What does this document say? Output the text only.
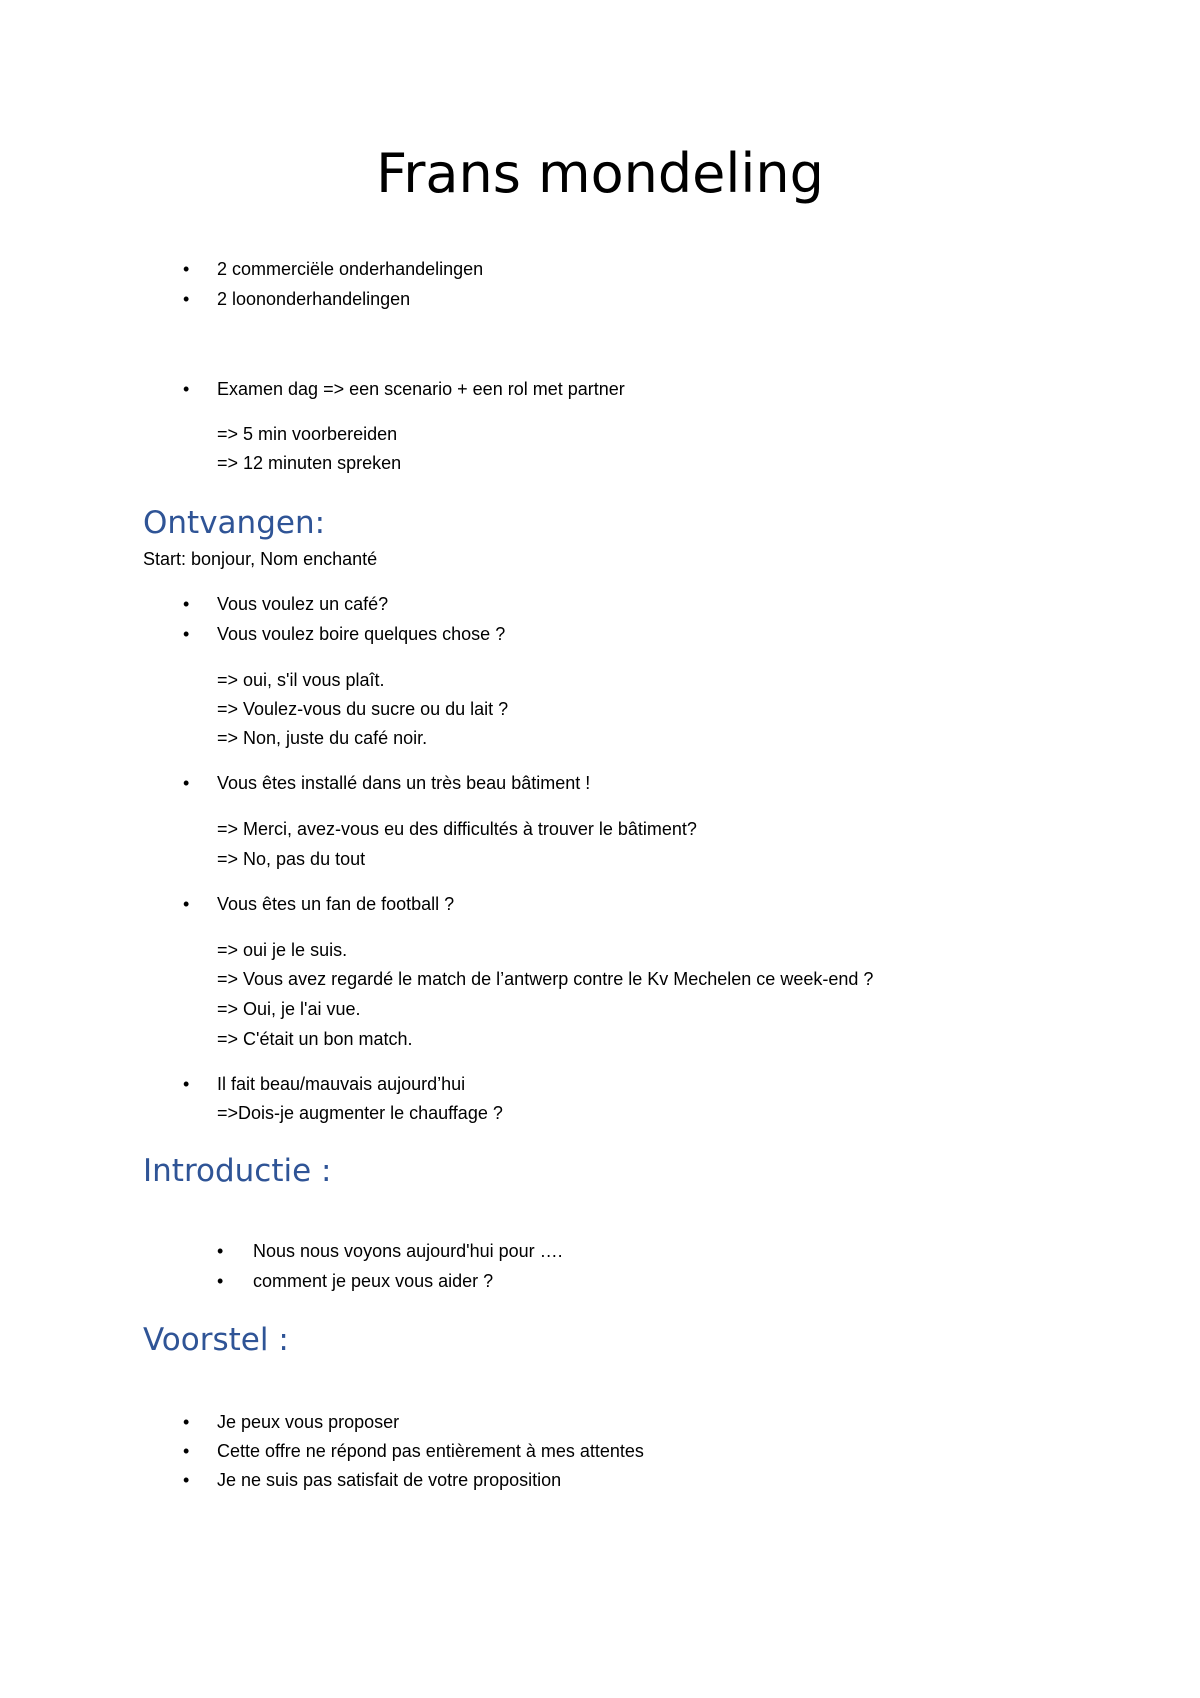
Frans mondeling
• 2 commerciële onderhandelingen
• 2 loononderhandelingen
• Examen dag => een scenario + een rol met partner
=> 5 min voorbereiden
=> 12 minuten spreken
Ontvangen:
Start: bonjour, Nom enchanté
• Vous voulez un café?
• Vous voulez boire quelques chose ?
=> oui, s'il vous plaît.
=> Voulez-vous du sucre ou du lait ?
=> Non, juste du café noir.
• Vous êtes installé dans un très beau bâtiment !
=> Merci, avez-vous eu des difficultés à trouver le bâtiment?
=> No, pas du tout
• Vous êtes un fan de football ?
=> oui je le suis.
=> Vous avez regardé le match de l’antwerp contre le Kv Mechelen ce week-end ?
=> Oui, je l'ai vue.
=> C'était un bon match.
• Il fait beau/mauvais aujourd’hui
=>Dois-je augmenter le chauffage ?
Introductie :
• Nous nous voyons aujourd'hui pour ….
• comment je peux vous aider ?
Voorstel :
• Je peux vous proposer
• Cette offre ne répond pas entièrement à mes attentes
• Je ne suis pas satisfait de votre proposition
